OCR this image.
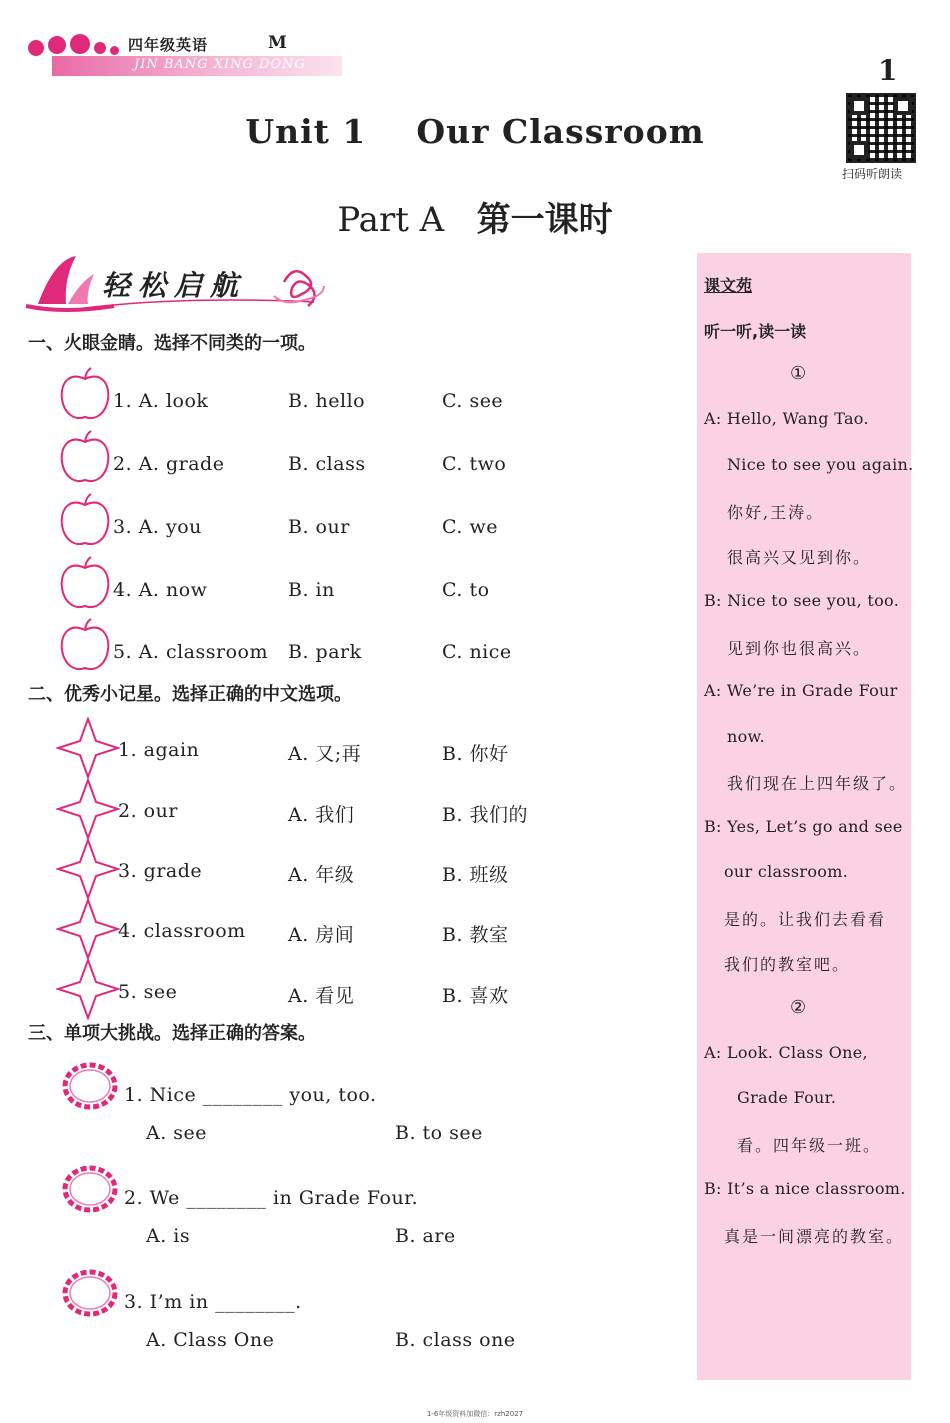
四年级英语	M
JIN BANG XING DONG	1
扫码听朗读
Unit 1 Our Classroom
Part A 第一课时
轻松启航
一、火眼金睛。选择不同类的一项。
1. A. look	B. hello	C. see
2. A. grade	B. class	C. two
3. A. you	B. our	C. we
4. A. now	B. in	C. to
5. A. classroom B. park	C. nice
二、优秀小记星。选择正确的中文选项。
1. again	A. 又;再	B. 你好
2. our	A. 我们	B. 我们的
3. grade	A. 年级	B. 班级
4. classroom A. 房间	B. 教室
5. see	A. 看见	B. 喜欢
三、单项大挑战。选择正确的答案。
1. Nice ________ you, too.
A. see	B. to see
2. We ________ in Grade Four.
A. is	B. are
3. I’m in ________.
A. Class One	B. class one
课文苑
听一听,读一读
①
A: Hello, Wang Tao.
Nice to see you again.
你好,王涛。
很高兴又见到你。
B: Nice to see you, too.
见到你也很高兴。
A: We’re in Grade Four
now.
我们现在上四年级了。
B: Yes, Let’s go and see
our classroom.
是的。让我们去看看
我们的教室吧。
②
A: Look. Class One,
Grade Four.
看。四年级一班。
B: It’s a nice classroom.
真是一间漂亮的教室。
1-6年级资料加微信：rzh2027
